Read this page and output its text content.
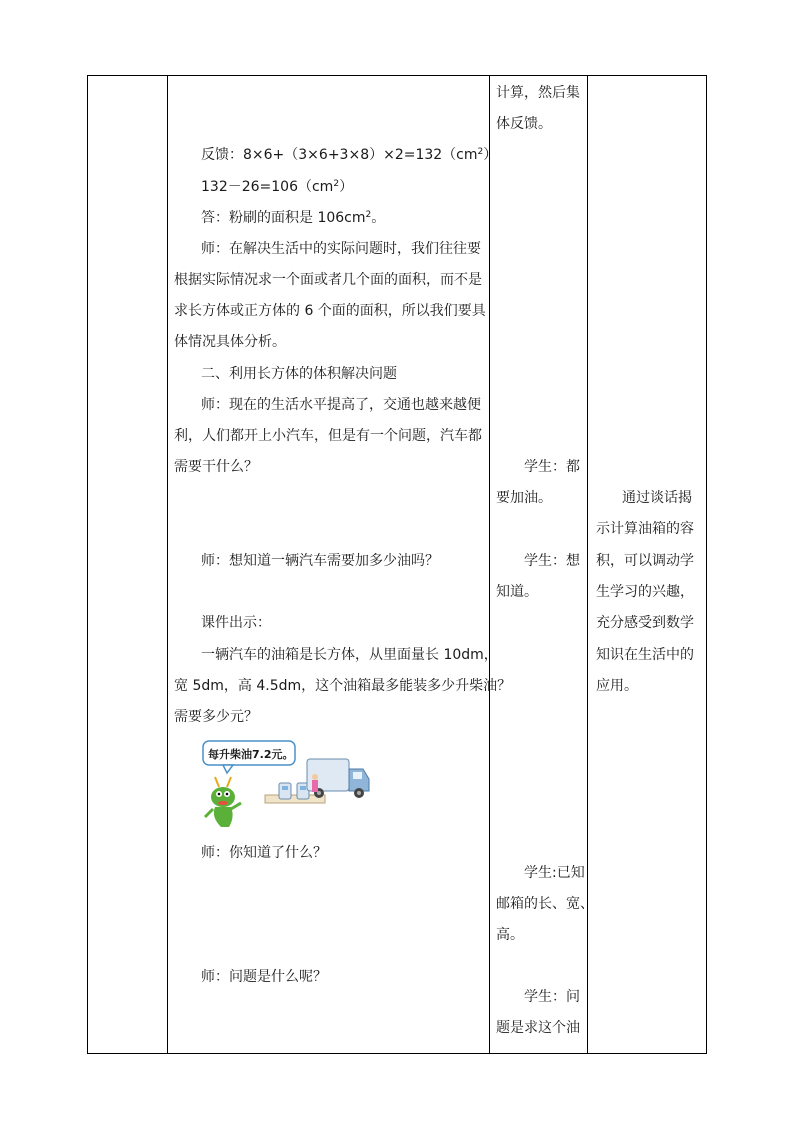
反馈：$8\times 6+(3\times 6+3\times 8)\times 2=132(cm^2)$
$132-26=106(cm^2)$
答：粉刷的面积是 $106cm^2$。
师：在解决生活中的实际问题时，我们往往要
根据实际情况求一个面或者几个面的面积，而不是
求长方体或正方体的 6 个面的面积，所以我们要具
体情况具体分析。
二、利用长方体的体积解决问题
师：现在的生活水平提高了，交通也越来越便
利，人们都开上小汽车，但是有一个问题，汽车都
需要干什么？
师：想知道一辆汽车需要加多少油吗？
课件出示：
一辆汽车的油箱是长方体，从里面量长 10dm，
宽 5dm，高 4.5dm，这个油箱最多能装多少升柴油？
需要多少元？
每升柴油7.2元。
师：你知道了什么？
师：问题是什么呢？
计算，然后集
体反馈。
学生：都
要加油。
学生：想
知道。
学生:已知
邮箱的长、宽、
高。
学生：问
题是求这个油
通过谈话揭
示计算油箱的容
积，可以调动学
生学习的兴趣，
充分感受到数学
知识在生活中的
应用。
